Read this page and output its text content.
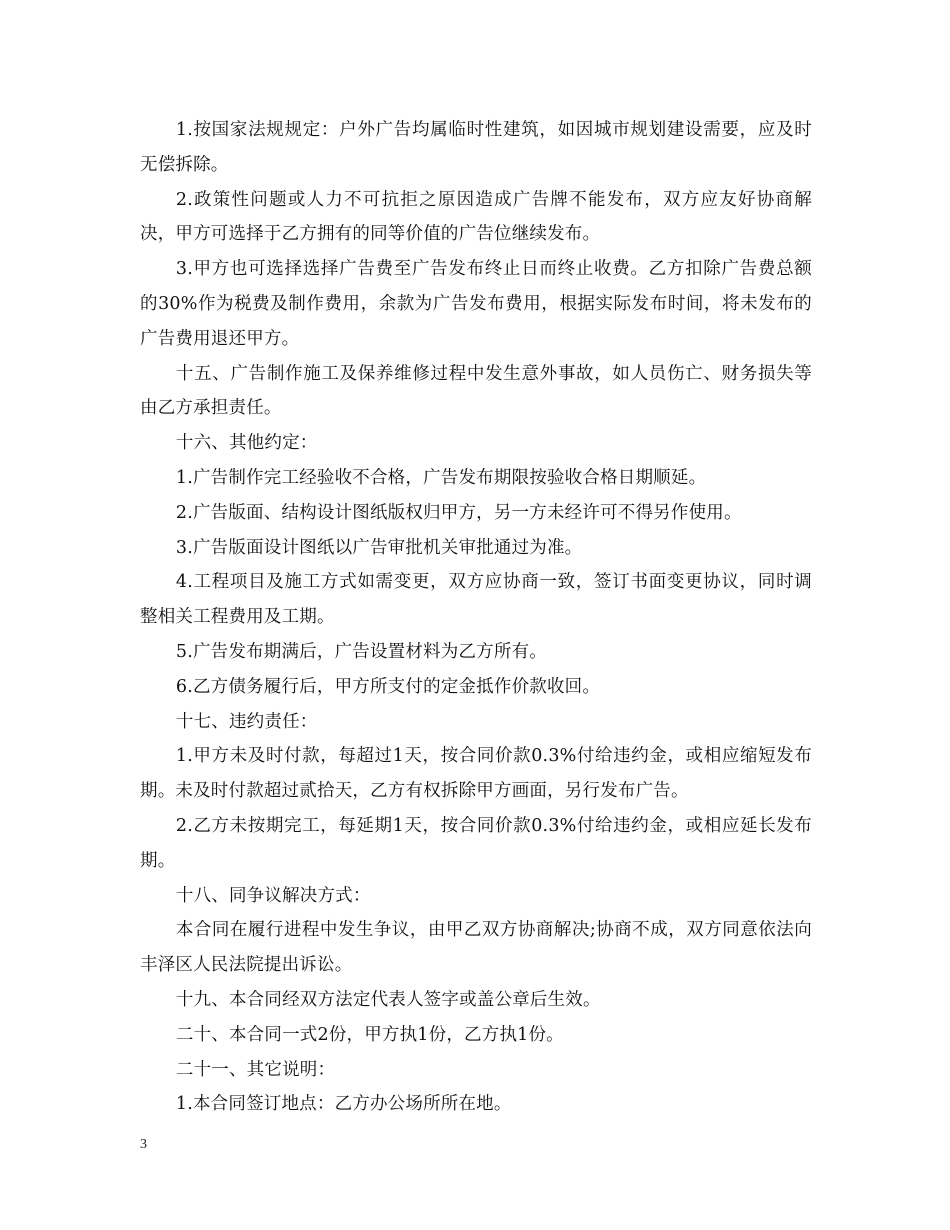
1.按国家法规规定：户外广告均属临时性建筑，如因城市规划建设需要，应及时无偿拆除。

2.政策性问题或人力不可抗拒之原因造成广告牌不能发布，双方应友好协商解决，甲方可选择于乙方拥有的同等价值的广告位继续发布。

3.甲方也可选择选择广告费至广告发布终止日而终止收费。乙方扣除广告费总额的30%作为税费及制作费用，余款为广告发布费用，根据实际发布时间，将未发布的广告费用退还甲方。

十五、广告制作施工及保养维修过程中发生意外事故，如人员伤亡、财务损失等由乙方承担责任。

十六、其他约定：

1.广告制作完工经验收不合格，广告发布期限按验收合格日期顺延。

2.广告版面、结构设计图纸版权归甲方，另一方未经许可不得另作使用。

3.广告版面设计图纸以广告审批机关审批通过为准。

4.工程项目及施工方式如需变更，双方应协商一致，签订书面变更协议，同时调整相关工程费用及工期。

5.广告发布期满后，广告设置材料为乙方所有。

6.乙方债务履行后，甲方所支付的定金抵作价款收回。

十七、违约责任：

1.甲方未及时付款，每超过1天，按合同价款0.3%付给违约金，或相应缩短发布期。未及时付款超过贰拾天，乙方有权拆除甲方画面，另行发布广告。

2.乙方未按期完工，每延期1天，按合同价款0.3%付给违约金，或相应延长发布期。

十八、同争议解决方式：

本合同在履行进程中发生争议，由甲乙双方协商解决;协商不成，双方同意依法向丰泽区人民法院提出诉讼。

十九、本合同经双方法定代表人签字或盖公章后生效。

二十、本合同一式2份，甲方执1份，乙方执1份。

二十一、其它说明：

1.本合同签订地点：乙方办公场所所在地。

3
